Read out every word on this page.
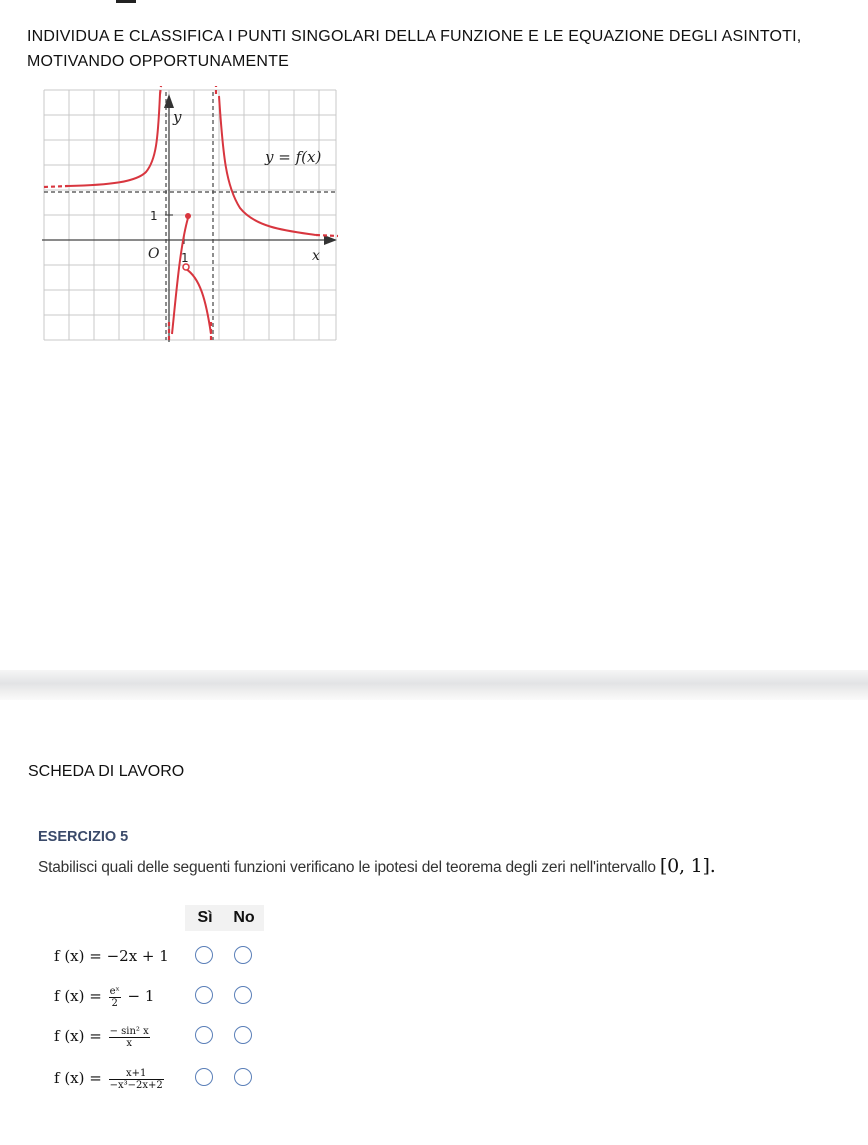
INDIVIDUA E CLASSIFICA I PUNTI SINGOLARI DELLA FUNZIONE E LE EQUAZIONE DEGLI ASINTOTI,
MOTIVANDO OPPORTUNAMENTE
y
x
O 1
1
y = f(x)
SCHEDA DI LAVORO
ESERCIZIO 5
Stabilisci quali delle seguenti funzioni verificano le ipotesi del teorema degli zeri nell'intervallo [0, 1].
Sì	No
f (x) = −2x + 1
f $(x) = \frac{\text{eˣ}}{2} - 1$
f $(x) = \frac{\text{− sin² x}}{x}$
f $(x) = \frac{x+1}{\text{−x³−2x+2}}$
